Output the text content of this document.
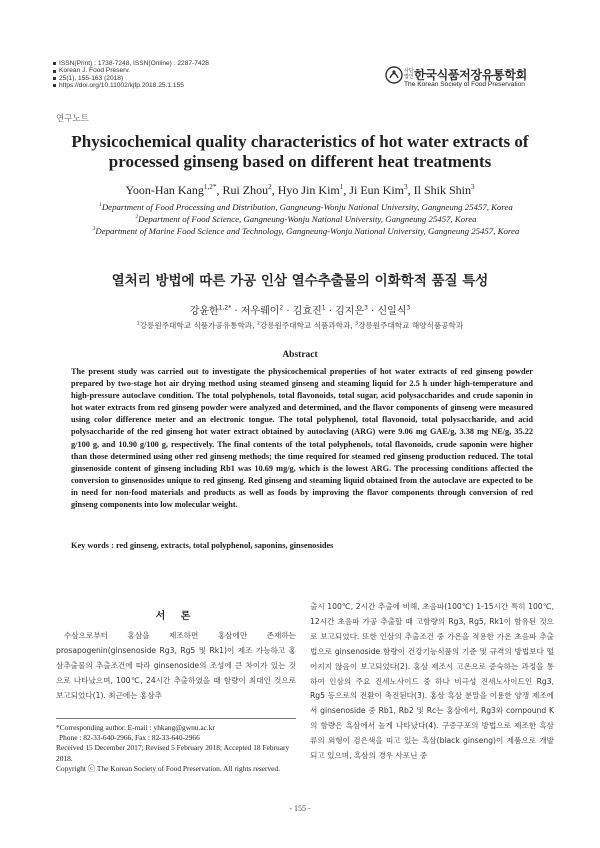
ISSN(Print) : 1738-7248, ISSN(Online) : 2287-7428
Korean J. Food Preserv.
25(1), 155-163 (2018)
https://doi.org/10.11002/kjfp.2018.25.1.155
사단
법인 한국식품저장유통학회
The Korean Society of Food Preservation
연구노트
Physicochemical quality characteristics of hot water extracts of processed ginseng based on different heat treatments
Yoon-Han Kang$^{1,2*}$, Rui Zhou$^2$, Hyo Jin Kim$^1$, Ji Eun Kim$^3$, Il Shik Shin$^3$
$^1$Department of Food Processing and Distribution, Gangneung-Wonju National University, Gangneung 25457, Korea
$^2$Department of Food Science, Gangneung-Wonju National University, Gangneung 25457, Korea
$^3$Department of Marine Food Science and Technology, Gangneung-Wonju National University, Gangneung 25457, Korea
열처리 방법에 따른 가공 인삼 열수추출물의 이화학적 품질 특성
강윤한$^{1,2*}$ · 저우뤠이$^2$ · 김효진$^1$ · 김지은$^3$ · 신일식$^3$
$^1$강릉원주대학교 식품가공유통학과, $^2$강릉원주대학교 식품과학과, $^3$강릉원주대학교 해양식품공학과
Abstract
The present study was carried out to investigate the physicochemical properties of hot water extracts of red ginseng powder prepared by two-stage hot air drying method using steamed ginseng and steaming liquid for 2.5 h under high-temperature and high-pressure autoclave condition. The total polyphenols, total flavonoids, total sugar, acid polysaccharides and crude saponin in hot water extracts from red ginseng powder were analyzed and determined, and the flavor components of ginseng were measured using color difference meter and an electronic tongue. The total polyphenol, total flavonoid, total polysaccharide, and acid polysaccharide of the red ginseng hot water extract obtained by autoclaving (ARG) were 9.06 mg GAE/g, 3.38 mg NE/g, 35.22 g/100 g, and 10.90 g/100 g, respectively. The final contents of the total polyphenols, total flavonoids, crude saponin were higher than those determined using other red ginseng methods; the time required for steamed red ginseng production reduced. The total ginsenoside content of ginseng including Rb1 was 10.69 mg/g, which is the lowest ARG. The processing conditions affected the conversion to ginsenosides unique to red ginseng. Red ginseng and steaming liquid obtained from the autoclave are expected to be in need for non-food materials and products as well as foods by improving the flavor components through conversion of red ginseng components into low molecular weight.
Key words : red ginseng, extracts, total polyphenol, saponins, ginsenosides
서 론
수삼으로부터 홍삼을 제조하면 홍삼에만 존재하는 prosapogenin(ginsenoside Rg3, Rg5 및 Rk1)이 제조 가능하고 홍삼추출물의 추출조건에 따라 ginsenoside의 조성에 큰 차이가 있는 것으로 나타났으며, 100℃, 24시간 추출하였을 때 함량이 최대인 것으로 보고되었다(1). 최근에는 홍삼추
*Corresponding author. E-mail : yhkang@gwnu.ac.kr
Phone : 82-33-640-2966, Fax : 82-33-640-2966
Received 15 December 2017; Revised 5 February 2018; Accepted 18 February 2018.
Copyright ⓒ The Korean Society of Food Preservation. All rights reserved.
출시 100℃, 2시간 추출에 비해, 초음파(100℃) 1-15시간 특히 100℃, 12시간 초음파 가공 추출할 때 고함량의 Rg3, Rg5, Rk1이 함유된 것으로 보고되었다. 또한 인삼의 추출조건 중 가온을 적용한 가온 초음파 추출법으로 ginsenoside 함량이 건강기능식품의 기준 및 규격의 방법보다 떨어지지 않음이 보고되었다(2). 홍삼 제조시 고온으로 증숙하는 과정을 통하여 인삼의 주요 진세노사이드 중 하나 비극성 진세노사이드인 Rg3, Rg5 등으로의 전환이 촉진된다(3). 홍삼 흑삼 분말을 이용한 양갱 제조에서 ginsenoside 중 Rb1, Rb2 및 Rc는 홍삼에서, Rg3와 compound K의 함량은 흑삼에서 높게 나타났다(4). 구증구포의 방법으로 제조한 흑삼류의 외형이 검은색을 띠고 있는 흑삼(black ginseng)이 제품으로 개발되고 있으며, 흑삼의 경우 사포닌 중
- 155 -
